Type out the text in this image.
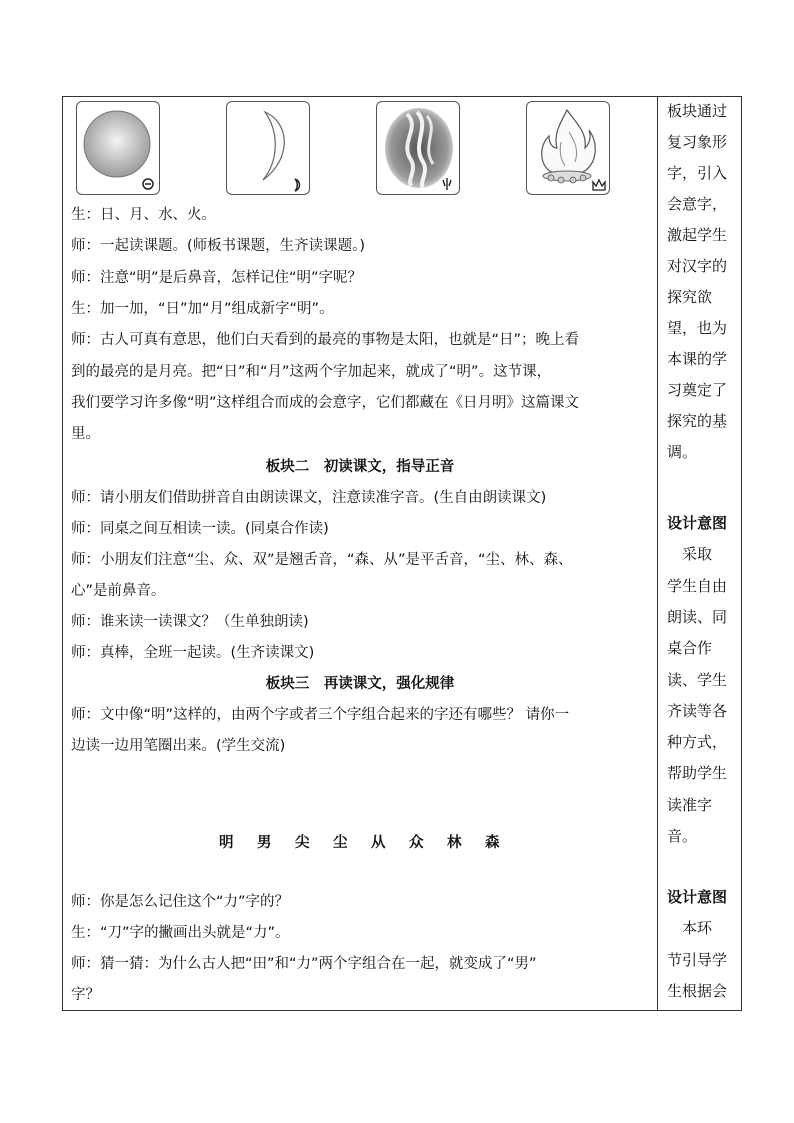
生：日、月、水、火。
师：一起读课题。(师板书课题，生齐读课题。)
师：注意“明”是后鼻音，怎样记住“明”字呢？
生：加一加，“日”加“月”组成新字“明”。
师：古人可真有意思，他们白天看到的最亮的事物是太阳，也就是“日”；晚上看
到的最亮的是月亮。把“日”和“月”这两个字加起来，就成了“明”。这节课，
我们要学习许多像“明”这样组合而成的会意字，它们都藏在《日月明》这篇课文
里。
板块二　初读课文，指导正音
师：请小朋友们借助拼音自由朗读课文，注意读准字音。(生自由朗读课文)
师：同桌之间互相读一读。(同桌合作读)
师：小朋友们注意“尘、众、双”是翘舌音，“森、从”是平舌音，“尘、林、森、
心”是前鼻音。
师：谁来读一读课文？（生单独朗读)
师：真棒，全班一起读。(生齐读课文)
板块三　再读课文，强化规律
师：文中像“明”这样的，由两个字或者三个字组合起来的字还有哪些？ 请你一
边读一边用笔圈出来。(学生交流)
明 男 尖 尘 从 众 林 森
师：你是怎么记住这个“力”字的？
生：“刀”字的撇画出头就是“力”。
师：猜一猜：为什么古人把“田”和“力”两个字组合在一起，就变成了“男”
字？
板块通过
复习象形
字，引入
会意字，
激起学生
对汉字的
探究欲
望，也为
本课的学
习奠定了
探究的基
调。
设计意图
　采取
学生自由
朗读、同
桌合作
读、学生
齐读等各
种方式，
帮助学生
读准字
音。
设计意图
　本环
节引导学
生根据会
